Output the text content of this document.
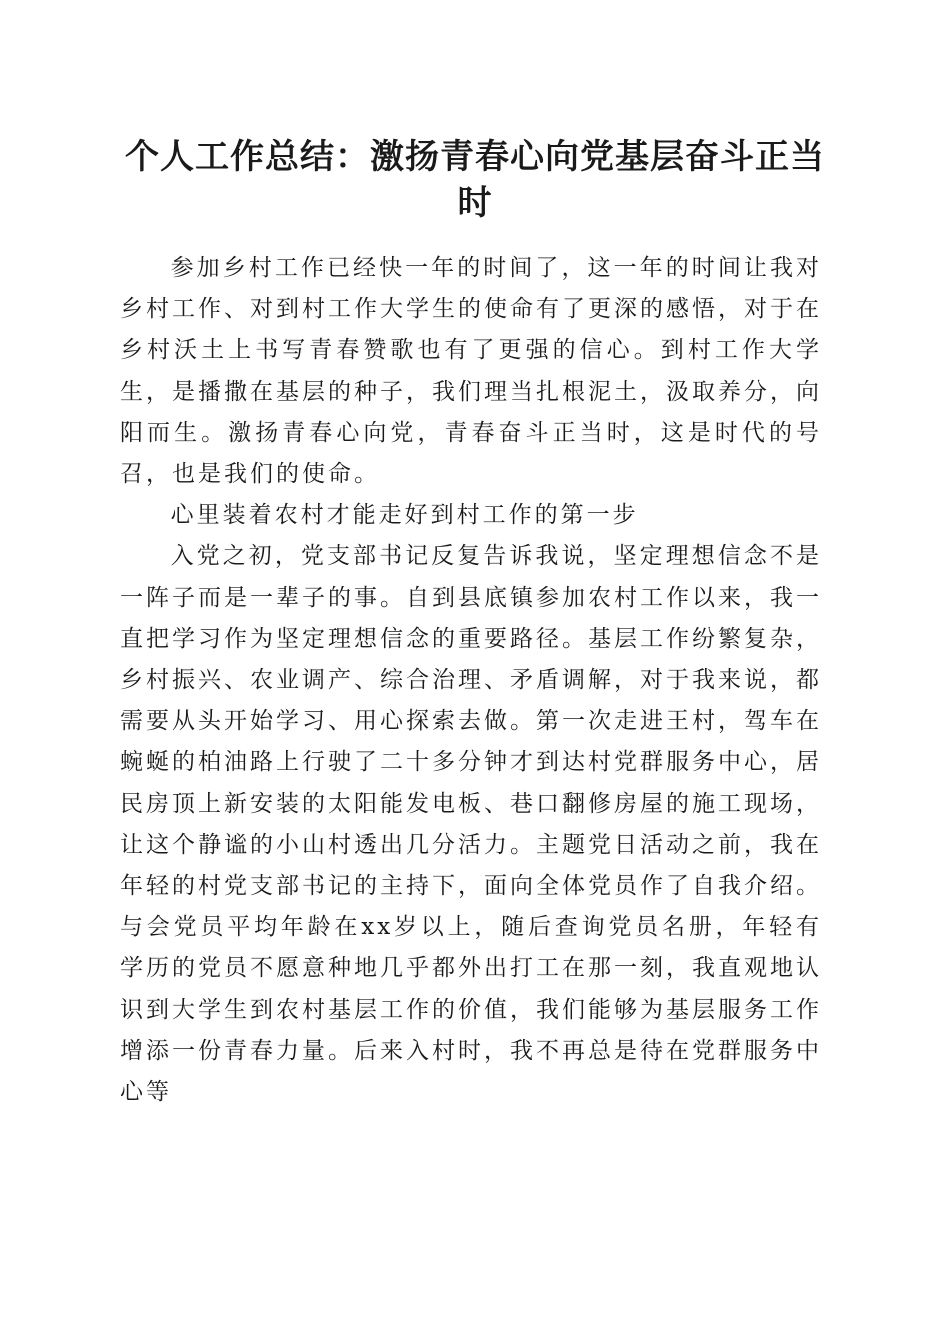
个人工作总结：激扬青春心向党基层奋斗正当时

参加乡村工作已经快一年的时间了，这一年的时间让我对乡村工作、对到村工作大学生的使命有了更深的感悟，对于在乡村沃土上书写青春赞歌也有了更强的信心。到村工作大学生，是播撒在基层的种子，我们理当扎根泥土，汲取养分，向阳而生。激扬青春心向党，青春奋斗正当时，这是时代的号召，也是我们的使命。

心里装着农村才能走好到村工作的第一步

入党之初，党支部书记反复告诉我说，坚定理想信念不是一阵子而是一辈子的事。自到县底镇参加农村工作以来，我一直把学习作为坚定理想信念的重要路径。基层工作纷繁复杂，乡村振兴、农业调产、综合治理、矛盾调解，对于我来说，都需要从头开始学习、用心探索去做。第一次走进王村，驾车在蜿蜒的柏油路上行驶了二十多分钟才到达村党群服务中心，居民房顶上新安装的太阳能发电板、巷口翻修房屋的施工现场，让这个静谧的小山村透出几分活力。主题党日活动之前，我在年轻的村党支部书记的主持下，面向全体党员作了自我介绍。与会党员平均年龄在xx岁以上，随后查询党员名册，年轻有学历的党员不愿意种地几乎都外出打工在那一刻，我直观地认识到大学生到农村基层工作的价值，我们能够为基层服务工作增添一份青春力量。后来入村时，我不再总是待在党群服务中心等
